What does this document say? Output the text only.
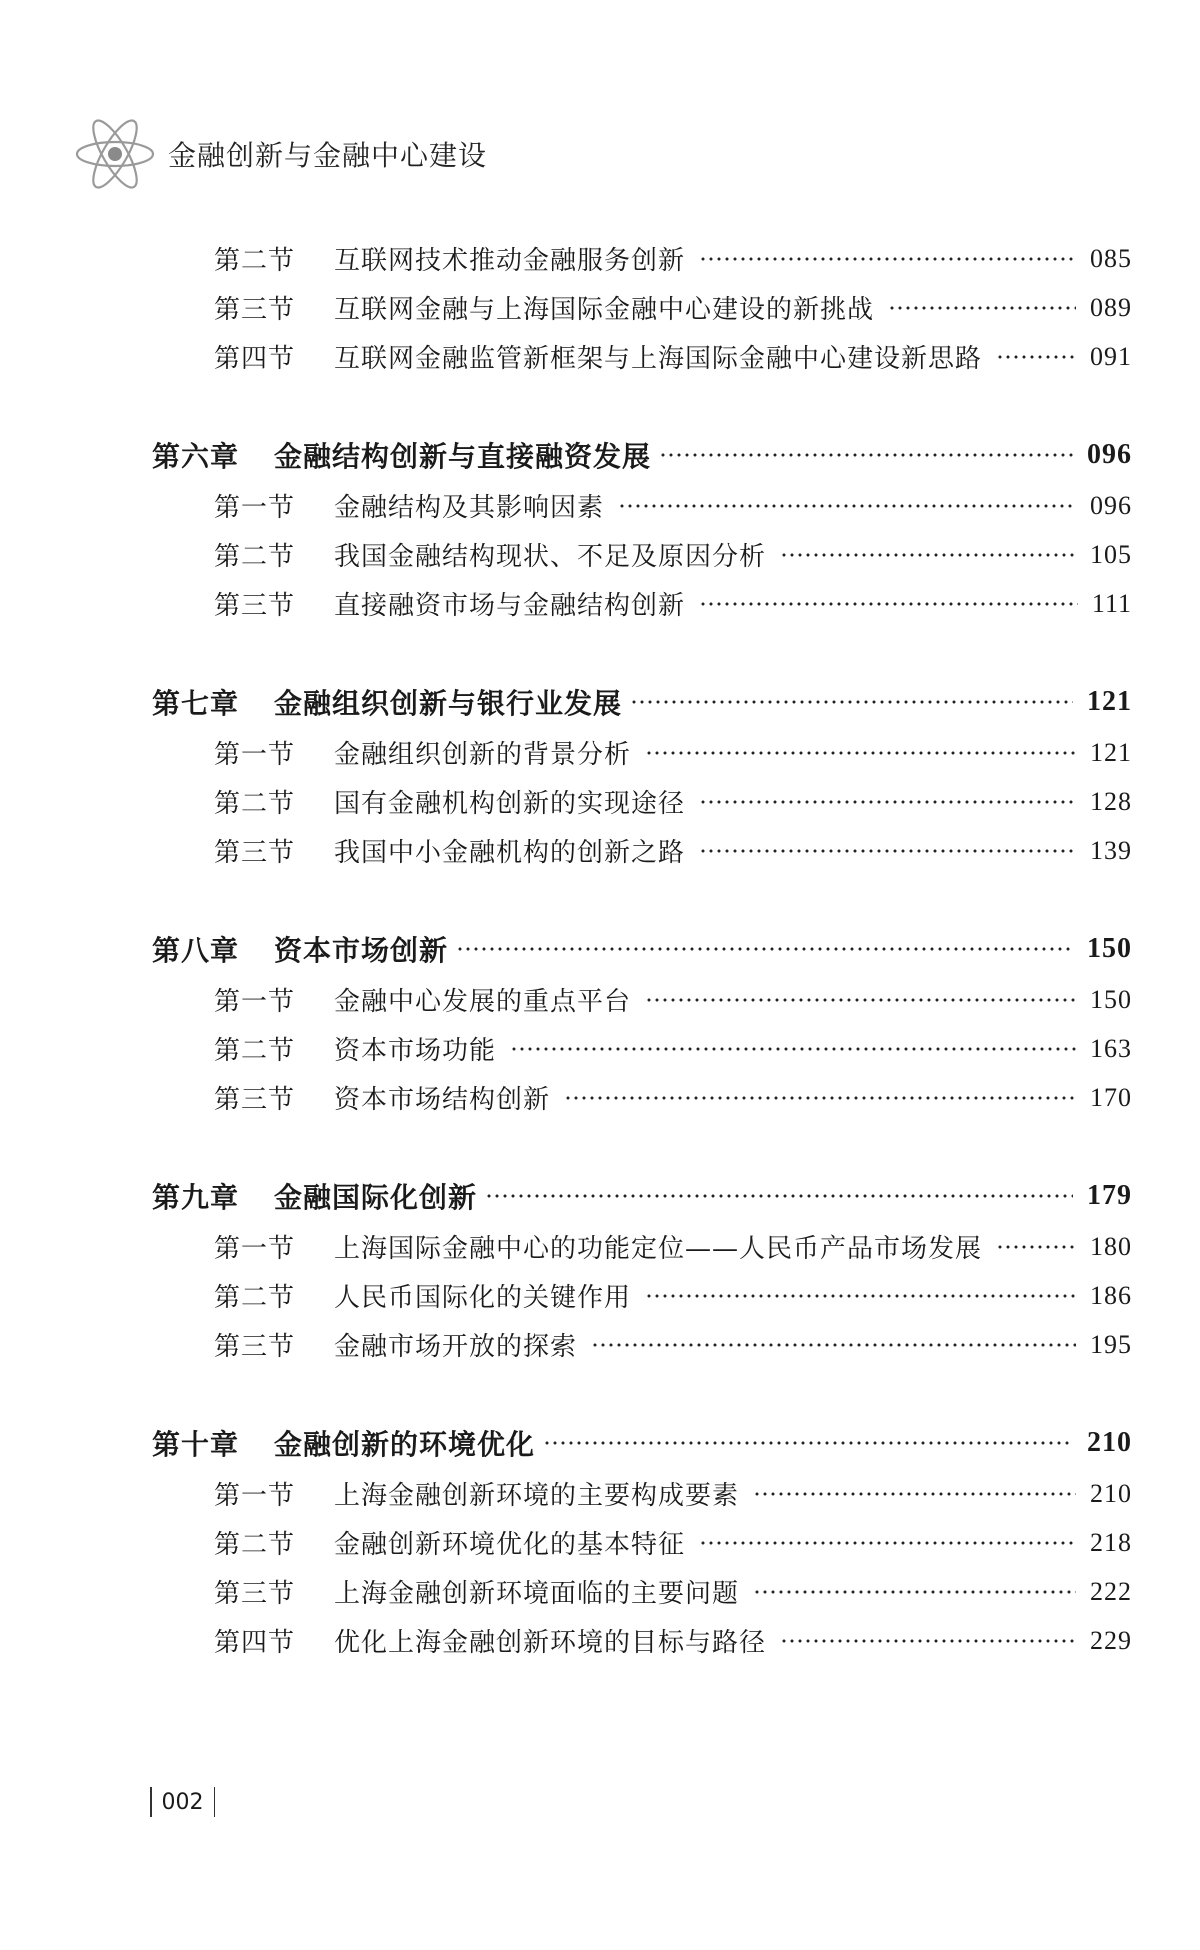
金融创新与金融中心建设
第二节	互联网技术推动金融服务创新	085
第三节	互联网金融与上海国际金融中心建设的新挑战	089
第四节	互联网金融监管新框架与上海国际金融中心建设新思路	091
第六章	金融结构创新与直接融资发展	096
第一节	金融结构及其影响因素	096
第二节	我国金融结构现状、不足及原因分析	105
第三节	直接融资市场与金融结构创新	111
第七章	金融组织创新与银行业发展	121
第一节	金融组织创新的背景分析	121
第二节	国有金融机构创新的实现途径	128
第三节	我国中小金融机构的创新之路	139
第八章	资本市场创新	150
第一节	金融中心发展的重点平台	150
第二节	资本市场功能	163
第三节	资本市场结构创新	170
第九章	金融国际化创新	179
第一节	上海国际金融中心的功能定位——人民币产品市场发展	180
第二节	人民币国际化的关键作用	186
第三节	金融市场开放的探索	195
第十章	金融创新的环境优化	210
第一节	上海金融创新环境的主要构成要素	210
第二节	金融创新环境优化的基本特征	218
第三节	上海金融创新环境面临的主要问题	222
第四节	优化上海金融创新环境的目标与路径	229
002
